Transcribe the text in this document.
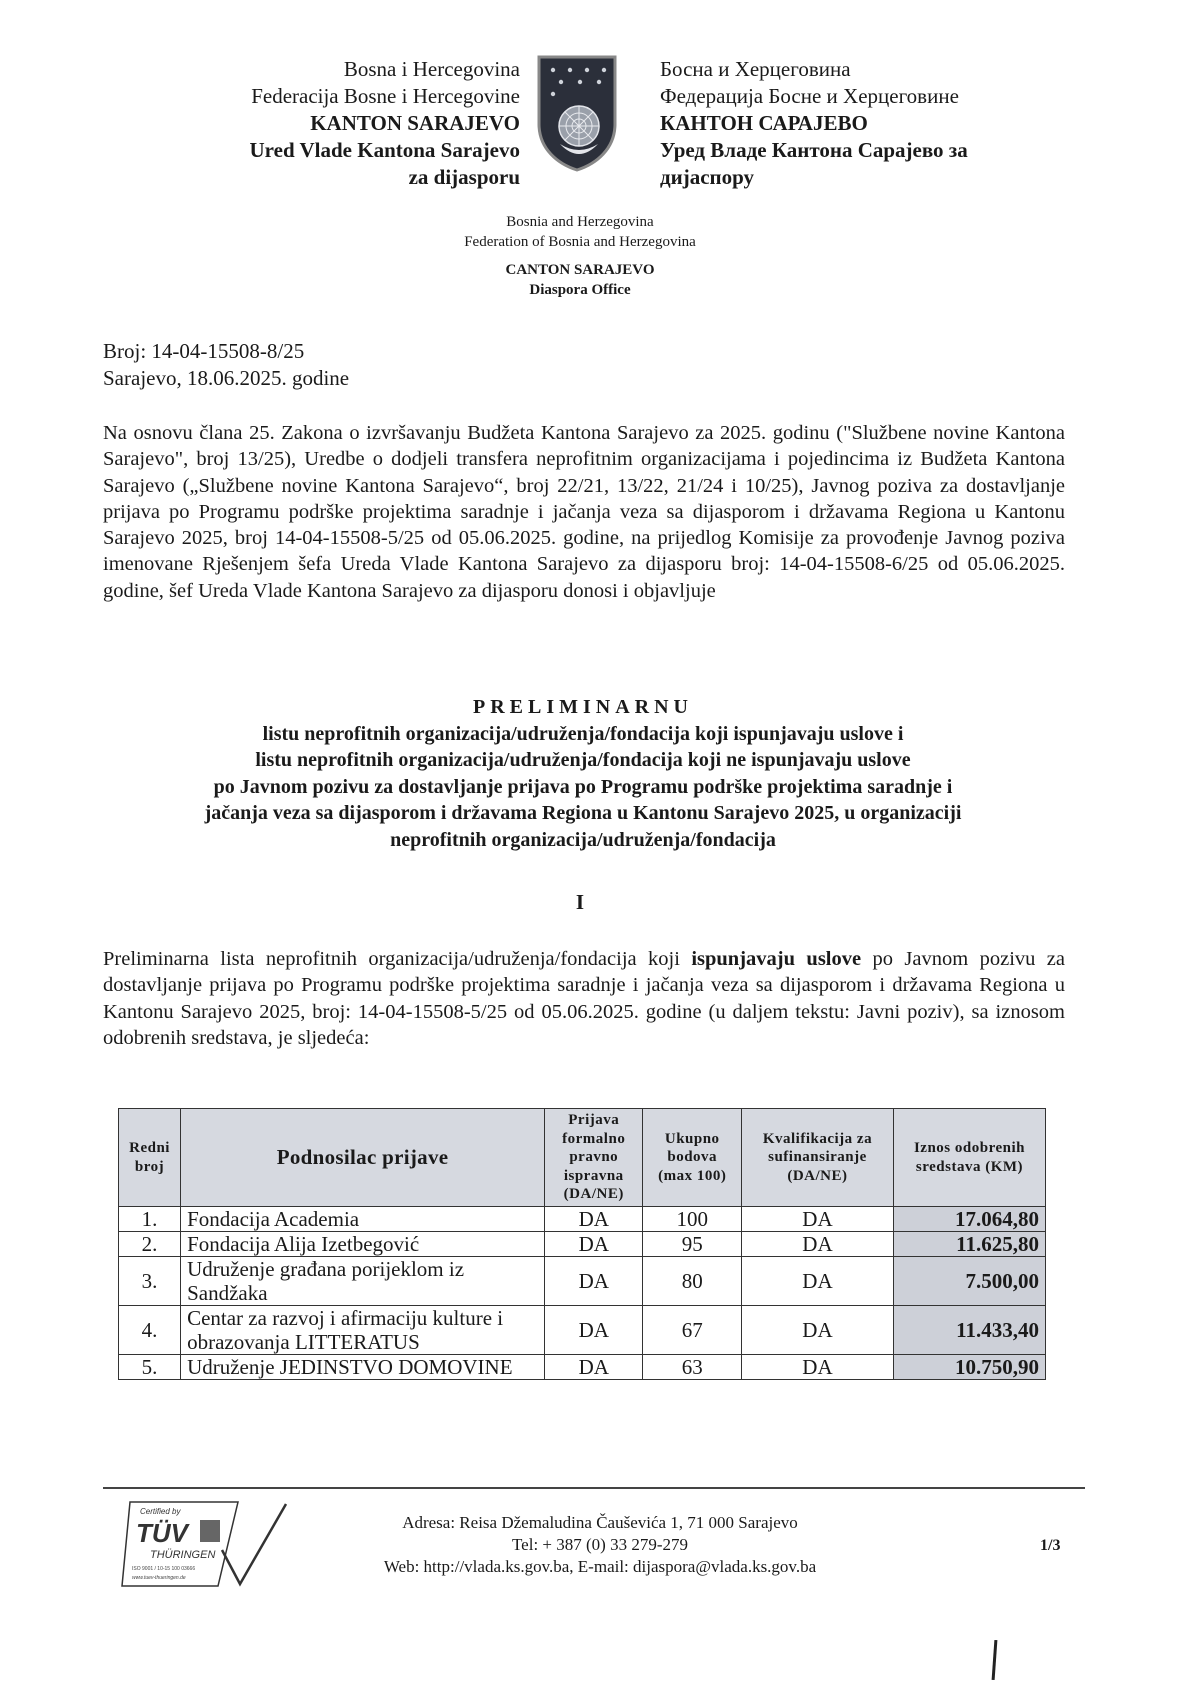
Bosna i Hercegovina
Federacija Bosne i Hercegovine
KANTON SARAJEVO
Ured Vlade Kantona Sarajevo
za dijasporu
Босна и Херцеговина
Федерација Босне и Херцеговине
КАНТОН САРАЈЕВО
Уред Владе Кантона Сарајево за
дијаспору
Bosnia and Herzegovina
Federation of Bosnia and Herzegovina
CANTON SARAJEVO
Diaspora Office
Broj: 14-04-15508-8/25
Sarajevo, 18.06.2025. godine
Na osnovu člana 25. Zakona o izvršavanju Budžeta Kantona Sarajevo za 2025. godinu ("Službene novine Kantona Sarajevo", broj 13/25), Uredbe o dodjeli transfera neprofitnim organizacijama i pojedincima iz Budžeta Kantona Sarajevo („Službene novine Kantona Sarajevo“, broj 22/21, 13/22, 21/24 i 10/25), Javnog poziva za dostavljanje prijava po Programu podrške projektima saradnje i jačanja veza sa dijasporom i državama Regiona u Kantonu Sarajevo 2025, broj 14-04-15508-5/25 od 05.06.2025. godine, na prijedlog Komisije za provođenje Javnog poziva imenovane Rješenjem šefa Ureda Vlade Kantona Sarajevo za dijasporu broj: 14-04-15508-6/25 od 05.06.2025. godine, šef Ureda Vlade Kantona Sarajevo za dijasporu donosi i objavljuje
PRELIMINARNU
listu neprofitnih organizacija/udruženja/fondacija koji ispunjavaju uslove i
listu neprofitnih organizacija/udruženja/fondacija koji ne ispunjavaju uslove
po Javnom pozivu za dostavljanje prijava po Programu podrške projektima saradnje i
jačanja veza sa dijasporom i državama Regiona u Kantonu Sarajevo 2025, u organizaciji
neprofitnih organizacija/udruženja/fondacija
I
Preliminarna lista neprofitnih organizacija/udruženja/fondacija koji ispunjavaju uslove po Javnom pozivu za dostavljanje prijava po Programu podrške projektima saradnje i jačanja veza sa dijasporom i državama Regiona u Kantonu Sarajevo 2025, broj: 14-04-15508-5/25 od 05.06.2025. godine (u daljem tekstu: Javni poziv), sa iznosom odobrenih sredstava, je sljedeća:
Redni broj	Podnosilac prijave	Prijava formalno pravno ispravna (DA/NE)	Ukupno bodova (max 100)	Kvalifikacija za sufinansiranje (DA/NE)	Iznos odobrenih sredstava (KM)
1.	Fondacija Academia	DA	100	DA	17.064,80
2.	Fondacija Alija Izetbegović	DA	95	DA	11.625,80
3.	Udruženje građana porijeklom iz Sandžaka	DA	80	DA	7.500,00
4.	Centar za razvoj i afirmaciju kulture i obrazovanja LITTERATUS	DA	67	DA	11.433,40
5.	Udruženje JEDINSTVO DOMOVINE	DA	63	DA	10.750,90
Certified by
TÜV
THÜRINGEN
ISO 9001 / 10-15 100 03666
www.tuev-thueringen.de
Adresa: Reisa Džemaludina Čauševića 1, 71 000 Sarajevo
Tel: + 387 (0) 33 279-279
Web: http://vlada.ks.gov.ba, E-mail: dijaspora@vlada.ks.gov.ba
1/3
